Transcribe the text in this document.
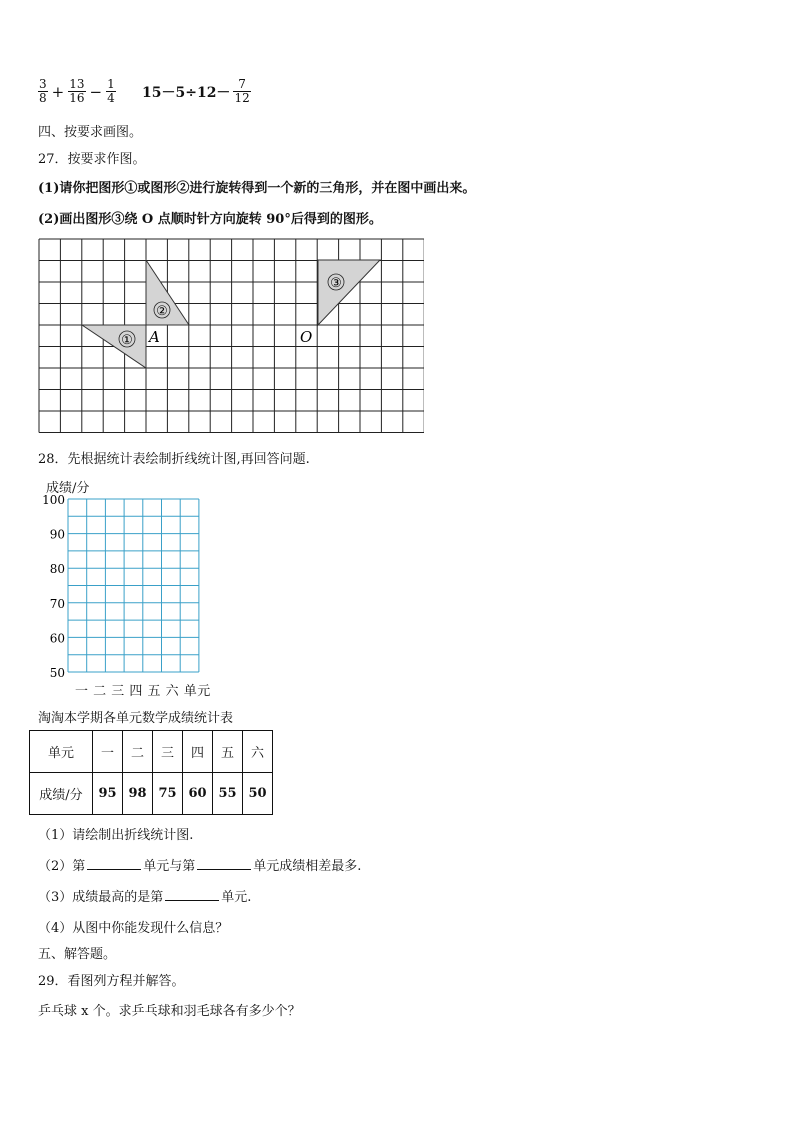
$\frac{3}{8} + \frac{13}{16} - \frac{1}{4} 15-5\div 12- \frac{7}{12}$
四、按要求画图。
27．按要求作图。
(1)请你把图形①或图形②进行旋转得到一个新的三角形，并在图中画出来。
(2)画出图形③绕 O 点顺时针方向旋转 90°后得到的图形。
①
②
③
A	O
28．先根据统计表绘制折线统计图,再回答问题.
成绩/分
100
90
80
70
60
50
一 二 三 四 五 六 单元
淘淘本学期各单元数学成绩统计表
单元	一	二	三	四	五	六
成绩/分	95	98	75	60	55	50
（1）请绘制出折线统计图.
（2）第	单元与第	单元成绩相差最多.
（3）成绩最高的是第	单元.
（4）从图中你能发现什么信息？
五、解答题。
29．看图列方程并解答。
乒乓球 x 个。求乒乓球和羽毛球各有多少个？
